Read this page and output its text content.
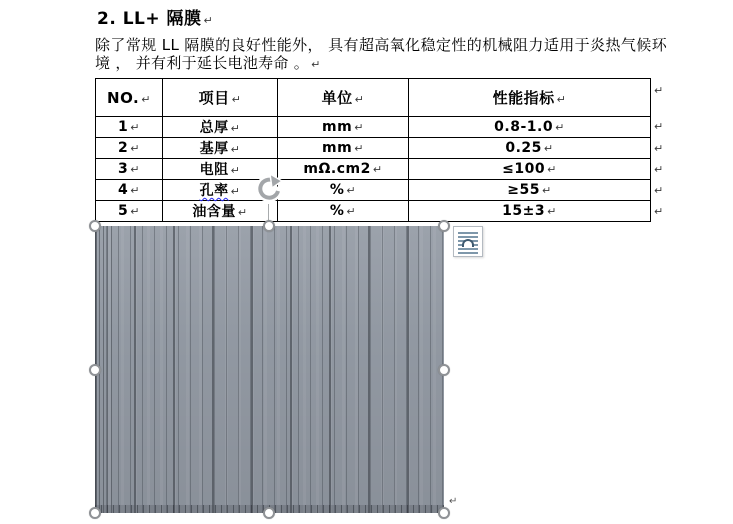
2. LL+ 隔膜 ↵
除了常规 LL 隔膜的良好性能外， 具有超高氧化稳定性的机械阻力适用于炎热气候环境 ， 并有利于延长电池寿命 。 ↵
NO. ↵	项目 ↵	单位 ↵	性能指标 ↵
1 ↵	总厚 ↵	mm ↵	0.8-1.0 ↵
2 ↵	基厚 ↵	mm ↵	0.25 ↵
3 ↵	电阻 ↵	mΩ.cm2 ↵	≤100 ↵
4 ↵	孔率 ↵	% ↵	≥55 ↵
5 ↵	油含量 ↵	% ↵	15±3 ↵
↵
↵
↵
↵
↵
↵
↵
